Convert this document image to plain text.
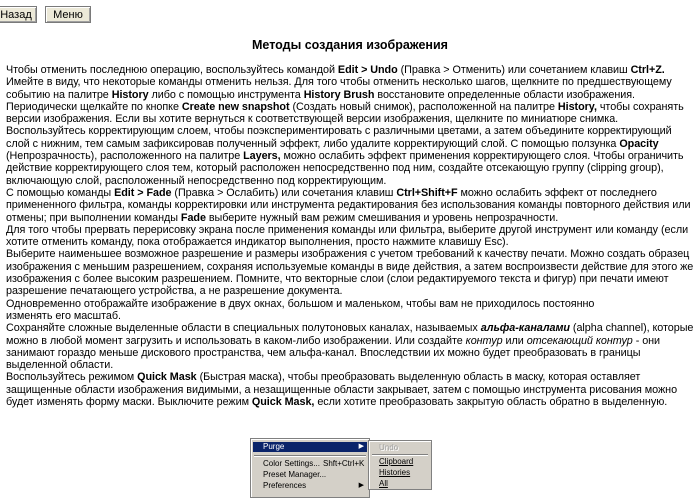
Назад	Меню
Методы создания изображения

Чтобы отменить последнюю операцию, воспользуйтесь командой Edit > Undo (Правка > Отменить) или сочетанием клавиш Ctrl+Z. Имейте в виду, что некоторые команды отменить нельзя. Для того чтобы отменить несколько шагов, щелкните по предшествующему событию на палитре History либо с помощью инструмента History Brush восстановите определенные области изображения.

Периодически щелкайте по кнопке Create new snapshot (Создать новый снимок), расположенной на палитре History, чтобы сохранять версии изображения. Если вы хотите вернуться к соответствующей версии изображения, щелкните по миниатюре снимка.

Воспользуйтесь корректирующим слоем, чтобы поэкспериментировать с различными цветами, а затем объедините корректирующий слой с нижним, тем самым зафиксировав полученный эффект, либо удалите корректирующий слой. С помощью ползунка Opacity (Непрозрачность), расположенного на палитре Layers, можно ослабить эффект применения корректирующего слоя. Чтобы ограничить действие корректирующего слоя тем, который расположен непосредственно под ним, создайте отсекающую группу (clipping group), включающую слой, расположенный непосредственно под корректирующим.

С помощью команды Edit > Fade (Правка > Ослабить) или сочетания клавиш Ctrl+Shift+F можно ослабить эффект от последнего примененного фильтра, команды корректировки или инструмента редактирования без использования команды повторного действия или отмены; при выполнении команды Fade выберите нужный вам режим смешивания и уровень непрозрачности.

Для того чтобы прервать перерисовку экрана после применения команды или фильтра, выберите другой инструмент или команду (если хотите отменить команду, пока отображается индикатор выполнения, просто нажмите клавишу Esc).

Выберите наименьшее возможное разрешение и размеры изображения с учетом требований к качеству печати. Можно создать образец изображения с меньшим разрешением, сохраняя используемые команды в виде действия, а затем воспроизвести действие для этого же изображения с более высоким разрешением. Помните, что векторные слои (слои редактируемого текста и фигур) при печати имеют разрешение печатающего устройства, а не разрешение документа.

Одновременно отображайте изображение в двух окнах, большом и маленьком, чтобы вам не приходилось постоянно

изменять его масштаб.

Сохраняйте сложные выделенные области в специальных полутоновых каналах, называемых альфа-каналами (alpha channel), которые можно в любой момент загрузить и использовать в каком-либо изображении. Или создайте контур или отсекающий контур - они занимают гораздо меньше дискового пространства, чем альфа-канал. Впоследствии их можно будет преобразовать в границы выделенной области.

Воспользуйтесь режимом Quick Mask (Быстрая маска), чтобы преобразовать выделенную область в маску, которая оставляет защищенные области изображения видимыми, а незащищенные области закрывает, затем с помощью инструмента рисования можно будет изменять форму маски. Выключите режим Quick Mask, если хотите преобразовать закрытую область обратно в выделенную.

Purge	▶
Color Settings... Shft+Ctrl+K
Preset Manager...
Preferences	▶
Undo
Clipboard
Histories
All
